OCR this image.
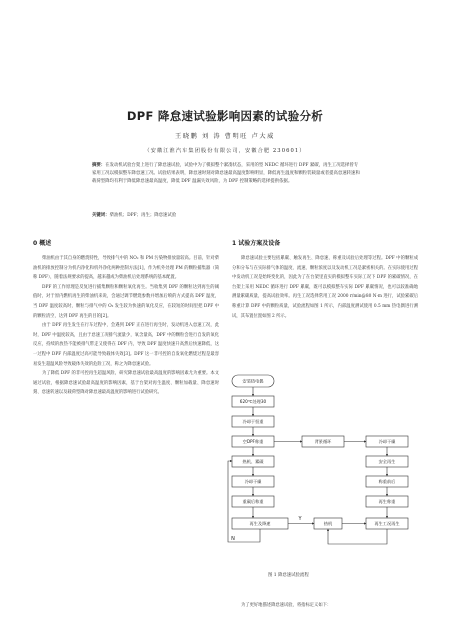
DPF 降怠速试验影响因素的试验分析
王晓鹏 刘 涛 曹明旺 卢大威
（安徽江淮汽车集团股份有限公司，安徽合肥 230601）
摘要：在发动机试验台架上进行了降怠速试验，试验中为了模拟整个紧凑状态，采用的型 NEDC 循环进行 DPF 紧碳，再生工况选择曾专家用工况以模拟整车降怠速工况。试验结果表明，降怠速时刻对降怠速最高温度影响明显，降低再生温度和颗粒装载量或者提高怠速转速和载荷型降均有利于降低降怠速最高温度，降低 DPF 温漏失效风险，为 DPF 控制策略的选择提供依据。
关键词：柴油机；DPF；再生；降怠速试验
0 概述	1 试验方案及设备

柴油机由于其自身的燃烧特性，导致排气中的 NOₓ 和 PM 污染物排放量较高。目前，针对柴油机的排放控制分为机内净化和机外净化两种控制方法[1]，作为机外处理 PM 的颗粒捕集器（简称 DPF），随着法规要求的提高，越来越成为柴油机后处理系统的基本配置。

DPF 的工作原理是反复进行捕集颗粒和颗粒氧化再生。当收集到 DPF 的颗粒达到再生的阈值时，对于原内燃机再生的柴油机来说，会通过调节燃烧参数并增加后喷的方式提高 DPF 温度，当 DPF 温度较高时，颗粒与排气中的 O₂ 发生较为快速的氧化反应，在较短的时间里把 DPF 中的颗粒清空，达到 DPF 再生的目的[2]。

由于 DPF 再生发生在行车过程中，会遇到 DPF 正在进行再生时，发动机进入怠速工况，此时，DPF 中温度较高，且由于怠速工况排气流量少，氧含量高，DPF 中的颗粒会进行自发的氧化反应，持续的放热不能被排气带走又使得在 DPF 内，导致 DPF 温度快速升高然后快速降低，这一过程中 DPF 内部温度过高可能导致载体失效[3]。DPF 这一非可控的自发氧化燃烧过程是最容易发生超温风险导致载体失效的危险工况，称之为降怠速试验。

为了降低 DPF 的非可控再生超温风险，研究降怠速试验最高温度的影响因素尤为重要。本文通过试验，根据降怠速试验最高温度的影响因素，基于台架对再生温度、颗粒加载量、降怠速时刻、怠速转速以及载荷型降对降怠速最高温度的影响进行试验研究。

降怠速试验主要包括累碳、触发再生、降怠速、称重及试验后处理等过程。DPF 中的颗粒成分和分布与在实际排气体的温度、流速、颗粒浓度以及发动机工况是紧密相关的。在实际使用过程中发动机工况是始终变化的，因此为了在台架里直实的模拟整车实际工况下 DPF 的累碳情况，在台架上采用 NEDC 循环进行 DPF 累碳，既可以模拟整车实际 DPF 累碳情况，也可以较准确地测量累碳质量，提高试验效率。再生工况选择常用工况 2000 r/min@80 N·m 进行，试验累碳后称重计算 DPF 中的颗粒质量，试验流程如图 1 所示，内部温度测试使用 0.5 mm 热电偶进行测试，其布置位置如图 2 所示。

安装热电偶
620℃处理30
冷却于恒重
空DPF称重	背景循环	冷却干燥
热机、累碳	安全再生
冷却干燥	称重前后
重碳后称重	再生称重
再生及降速	热机	再生工况再生
N
Y
图 1 降怠速试验流程
为了更好地描述降怠速试验，将指标定义如下：
